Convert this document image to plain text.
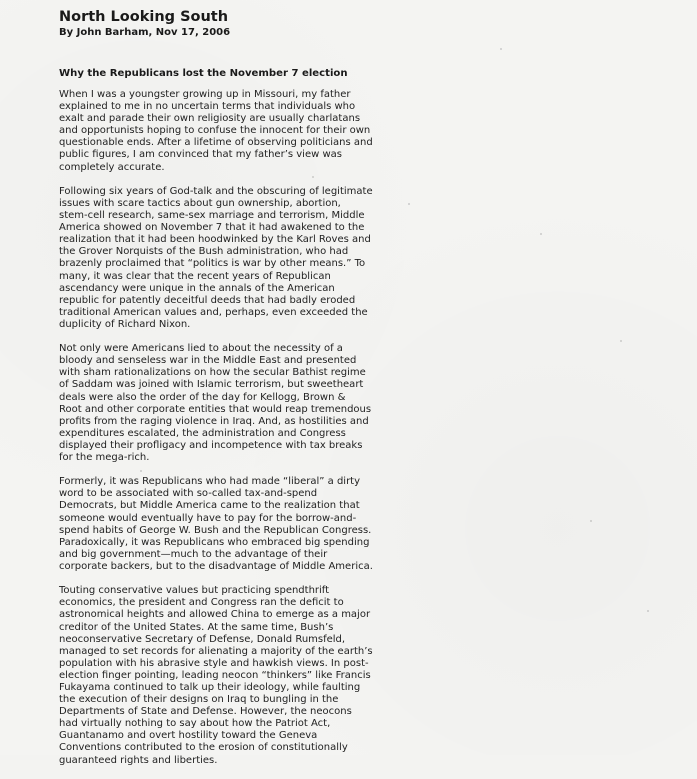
North Looking South
By John Barham, Nov 17, 2006
Why the Republicans lost the November 7 election

When I was a youngster growing up in Missouri, my father
explained to me in no uncertain terms that individuals who
exalt and parade their own religiosity are usually charlatans
and opportunists hoping to confuse the innocent for their own
questionable ends. After a lifetime of observing politicians and
public figures, I am convinced that my father’s view was
completely accurate.

Following six years of God-talk and the obscuring of legitimate
issues with scare tactics about gun ownership, abortion,
stem-cell research, same-sex marriage and terrorism, Middle
America showed on November 7 that it had awakened to the
realization that it had been hoodwinked by the Karl Roves and
the Grover Norquists of the Bush administration, who had
brazenly proclaimed that “politics is war by other means.” To
many, it was clear that the recent years of Republican
ascendancy were unique in the annals of the American
republic for patently deceitful deeds that had badly eroded
traditional American values and, perhaps, even exceeded the
duplicity of Richard Nixon.

Not only were Americans lied to about the necessity of a
bloody and senseless war in the Middle East and presented
with sham rationalizations on how the secular Bathist regime
of Saddam was joined with Islamic terrorism, but sweetheart
deals were also the order of the day for Kellogg, Brown &
Root and other corporate entities that would reap tremendous
profits from the raging violence in Iraq. And, as hostilities and
expenditures escalated, the administration and Congress
displayed their profligacy and incompetence with tax breaks
for the mega-rich.

Formerly, it was Republicans who had made “liberal” a dirty
word to be associated with so-called tax-and-spend
Democrats, but Middle America came to the realization that
someone would eventually have to pay for the borrow-and-
spend habits of George W. Bush and the Republican Congress.
Paradoxically, it was Republicans who embraced big spending
and big government—much to the advantage of their
corporate backers, but to the disadvantage of Middle America.

Touting conservative values but practicing spendthrift
economics, the president and Congress ran the deficit to
astronomical heights and allowed China to emerge as a major
creditor of the United States. At the same time, Bush’s
neoconservative Secretary of Defense, Donald Rumsfeld,
managed to set records for alienating a majority of the earth’s
population with his abrasive style and hawkish views. In post-
election finger pointing, leading neocon “thinkers” like Francis
Fukayama continued to talk up their ideology, while faulting
the execution of their designs on Iraq to bungling in the
Departments of State and Defense. However, the neocons
had virtually nothing to say about how the Patriot Act,
Guantanamo and overt hostility toward the Geneva
Conventions contributed to the erosion of constitutionally
guaranteed rights and liberties.
